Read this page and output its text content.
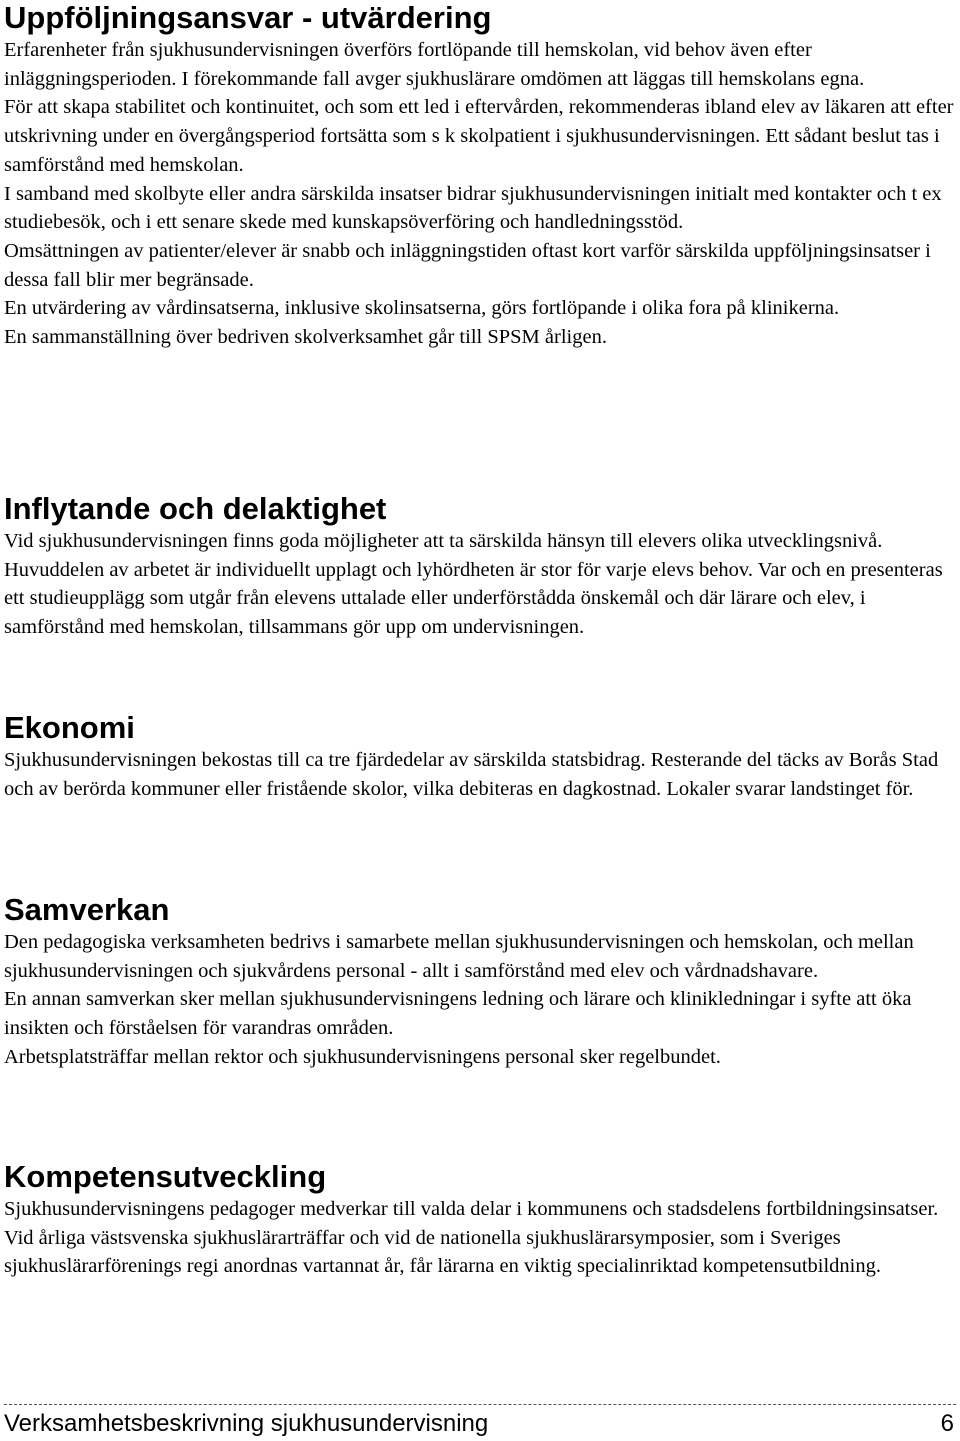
Uppföljningsansvar - utvärdering

Erfarenheter från sjukhusundervisningen överförs fortlöpande till hemskolan, vid behov även efter inläggningsperioden. I förekommande fall avger sjukhuslärare omdömen att läggas till hemskolans egna.

För att skapa stabilitet och kontinuitet, och som ett led i eftervården, rekommenderas ibland elev av läkaren att efter utskrivning under en övergångsperiod fortsätta som s k skolpatient i sjukhusundervisningen. Ett sådant beslut tas i samförstånd med hemskolan.

I samband med skolbyte eller andra särskilda insatser bidrar sjukhusundervisningen initialt med kontakter och t ex studiebesök, och i ett senare skede med kunskapsöverföring och handledningsstöd.

Omsättningen av patienter/elever är snabb och inläggningstiden oftast kort varför särskilda uppföljningsinsatser i dessa fall blir mer begränsade.

En utvärdering av vårdinsatserna, inklusive skolinsatserna, görs fortlöpande i olika fora på klinikerna.

En sammanställning över bedriven skolverksamhet går till SPSM årligen.

Inflytande och delaktighet

Vid sjukhusundervisningen finns goda möjligheter att ta särskilda hänsyn till elevers olika utvecklingsnivå. Huvuddelen av arbetet är individuellt upplagt och lyhördheten är stor för varje elevs behov. Var och en presenteras ett studieupplägg som utgår från elevens uttalade eller underförstådda önskemål och där lärare och elev, i samförstånd med hemskolan, tillsammans gör upp om undervisningen.

Ekonomi

Sjukhusundervisningen bekostas till ca tre fjärdedelar av särskilda statsbidrag. Resterande del täcks av Borås Stad och av berörda kommuner eller fristående skolor, vilka debiteras en dagkostnad. Lokaler svarar landstinget för.

Samverkan

Den pedagogiska verksamheten bedrivs i samarbete mellan sjukhusundervisningen och hemskolan, och mellan sjukhusundervisningen och sjukvårdens personal - allt i samförstånd med elev och vårdnadshavare.

En annan samverkan sker mellan sjukhusundervisningens ledning och lärare och klinikledningar i syfte att öka insikten och förståelsen för varandras områden.

Arbetsplatsträffar mellan rektor och sjukhusundervisningens personal sker regelbundet.

Kompetensutveckling

Sjukhusundervisningens pedagoger medverkar till valda delar i kommunens och stadsdelens fortbildningsinsatser.

Vid årliga västsvenska sjukhuslärarträffar och vid de nationella sjukhuslärarsymposier, som i Sveriges sjukhuslärarförenings regi anordnas vartannat år, får lärarna en viktig specialinriktad kompetensutbildning.

Verksamhetsbeskrivning sjukhusundervisning	6
